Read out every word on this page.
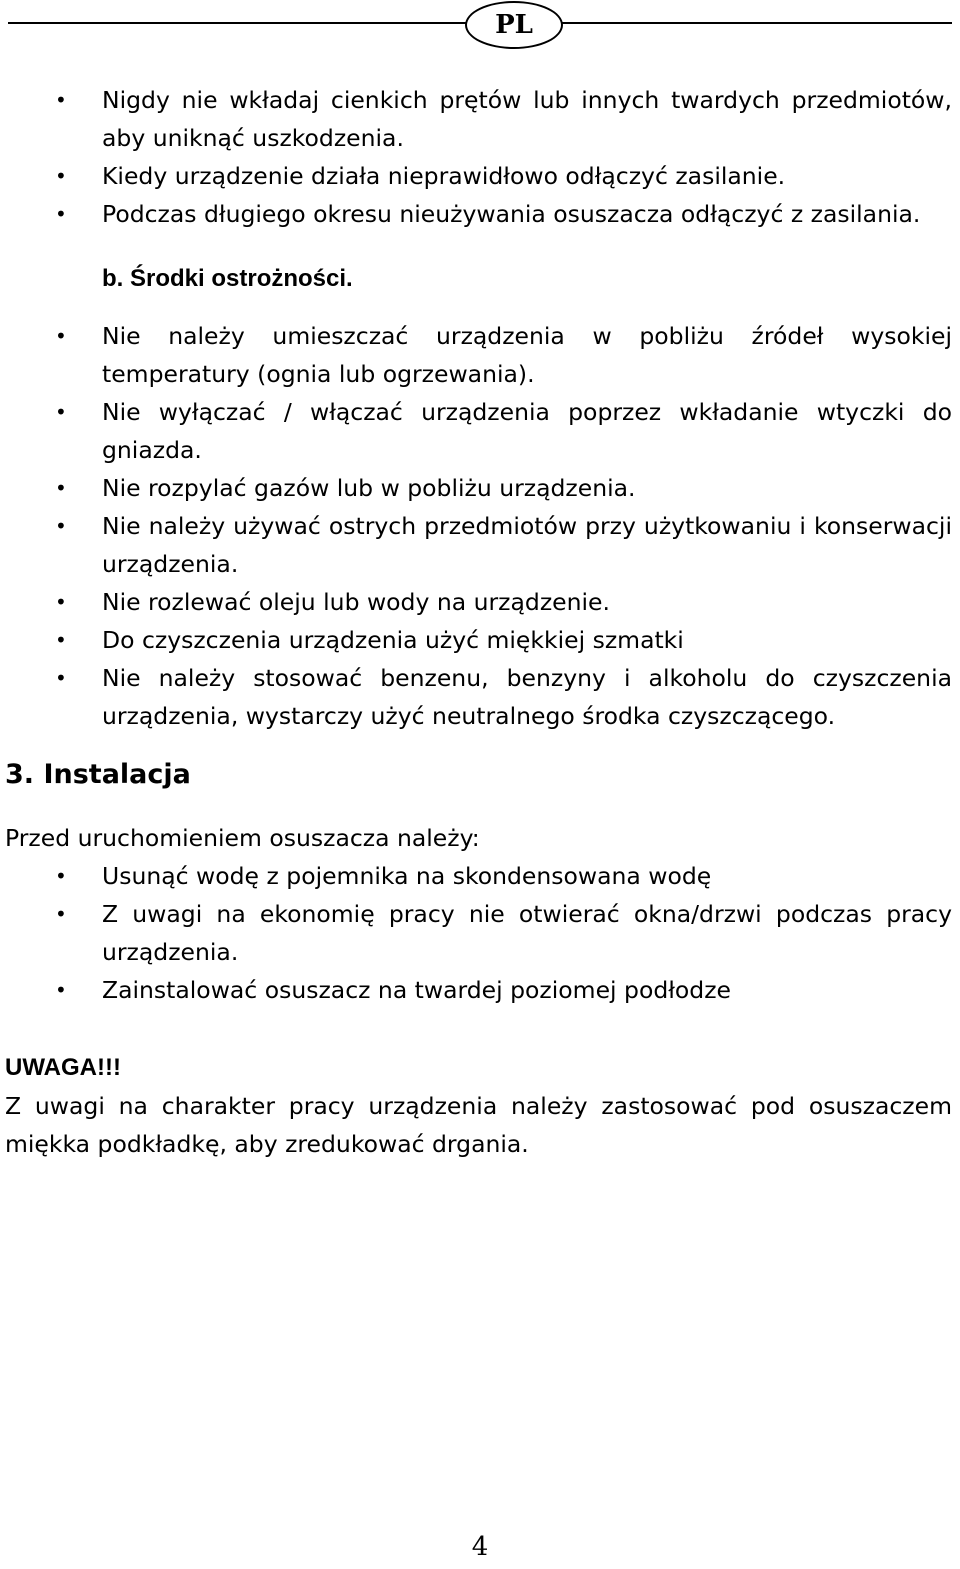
PL
• Nigdy nie wkładaj cienkich prętów lub innych twardych przedmiotów, aby uniknąć uszkodzenia.
• Kiedy urządzenie działa nieprawidłowo odłączyć zasilanie.
• Podczas długiego okresu nieużywania osuszacza odłączyć z zasilania.
b. Środki ostrożności.
• Nie należy umieszczać urządzenia w pobliżu źródeł wysokiej temperatury (ognia lub ogrzewania).
• Nie wyłączać / włączać urządzenia poprzez wkładanie wtyczki do gniazda.
• Nie rozpylać gazów lub w pobliżu urządzenia.
• Nie należy używać ostrych przedmiotów przy użytkowaniu i konserwacji urządzenia.
• Nie rozlewać oleju lub wody na urządzenie.
• Do czyszczenia urządzenia użyć miękkiej szmatki
• Nie należy stosować benzenu, benzyny i alkoholu do czyszczenia urządzenia, wystarczy użyć neutralnego środka czyszczącego.
3. Instalacja

Przed uruchomieniem osuszacza należy:

• Usunąć wodę z pojemnika na skondensowana wodę
• Z uwagi na ekonomię pracy nie otwierać okna/drzwi podczas pracy urządzenia.
• Zainstalować osuszacz na twardej poziomej podłodze
UWAGA!!!

Z uwagi na charakter pracy urządzenia należy zastosować pod osuszaczem miękka podkładkę, aby zredukować drgania.

4
